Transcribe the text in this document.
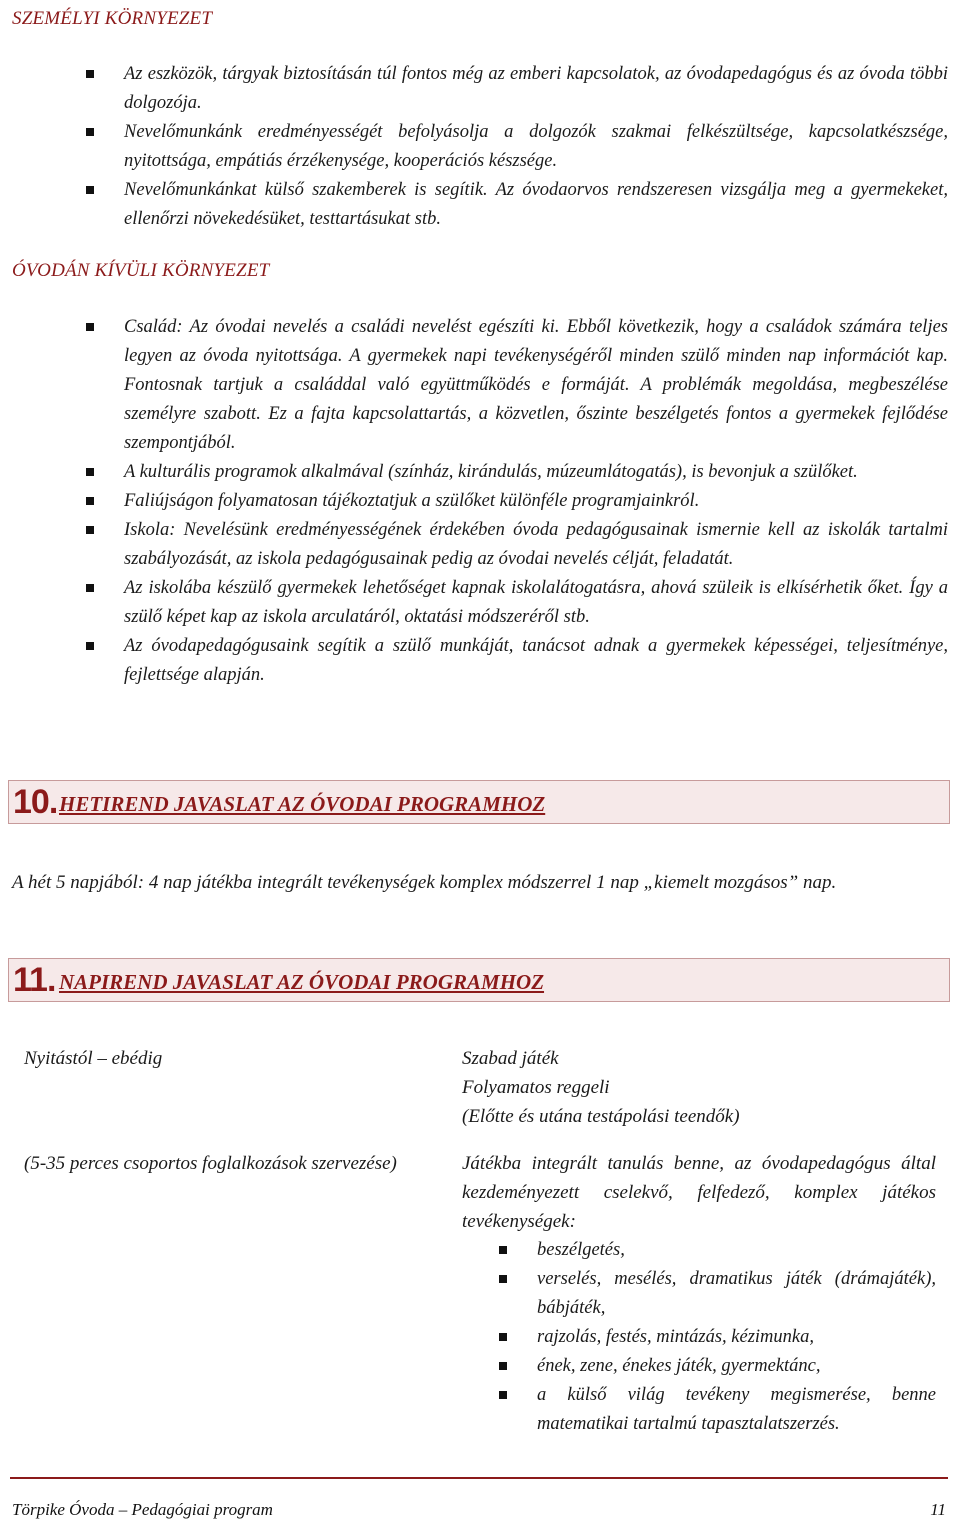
SZEMÉLYI KÖRNYEZET
Az eszközök, tárgyak biztosításán túl fontos még az emberi kapcsolatok, az óvodapedagógus és az óvoda többi dolgozója.
Nevelőmunkánk eredményességét befolyásolja a dolgozók szakmai felkészültsége, kapcsolatkészsége, nyitottsága, empátiás érzékenysége, kooperációs készsége.
Nevelőmunkánkat külső szakemberek is segítik. Az óvodaorvos rendszeresen vizsgálja meg a gyermekeket, ellenőrzi növekedésüket, testtartásukat stb.
ÓVODÁN KÍVÜLI KÖRNYEZET
Család: Az óvodai nevelés a családi nevelést egészíti ki. Ebből következik, hogy a családok számára teljes legyen az óvoda nyitottsága. A gyermekek napi tevékenységéről minden szülő minden nap információt kap. Fontosnak tartjuk a családdal való együttműködés e formáját. A problémák megoldása, megbeszélése személyre szabott. Ez a fajta kapcsolattartás, a közvetlen, őszinte beszélgetés fontos a gyermekek fejlődése szempontjából.
A kulturális programok alkalmával (színház, kirándulás, múzeumlátogatás), is bevonjuk a szülőket.
Faliújságon folyamatosan tájékoztatjuk a szülőket különféle programjainkról.
Iskola: Nevelésünk eredményességének érdekében óvoda pedagógusainak ismernie kell az iskolák tartalmi szabályozását, az iskola pedagógusainak pedig az óvodai nevelés célját, feladatát.
Az iskolába készülő gyermekek lehetőséget kapnak iskolalátogatásra, ahová szüleik is elkísérhetik őket. Így a szülő képet kap az iskola arculatáról, oktatási módszeréről stb.
Az óvodapedagógusaink segítik a szülő munkáját, tanácsot adnak a gyermekek képességei, teljesítménye, fejlettsége alapján.
10. HETIREND JAVASLAT AZ ÓVODAI PROGRAMHOZ
A hét 5 napjából: 4 nap játékba integrált tevékenységek komplex módszerrel 1 nap „kiemelt mozgásos” nap.
11. NAPIREND JAVASLAT AZ ÓVODAI PROGRAMHOZ
Nyitástól – ebédig	Szabad játék
Folyamatos reggeli
(Előtte és utána testápolási teendők)
(5-35 perces csoportos foglalkozások szervezése)	Játékba integrált tanulás benne, az óvodapedagógus által kezdeményezett cselekvő, felfedező, komplex játékos tevékenységek:
beszélgetés,
verselés, mesélés, dramatikus játék (drámajáték), bábjáték,
rajzolás, festés, mintázás, kézimunka,
ének, zene, énekes játék, gyermektánc,
a külső világ tevékeny megismerése, benne matematikai tartalmú tapasztalatszerzés.
Törpike Óvoda – Pedagógiai program	11
